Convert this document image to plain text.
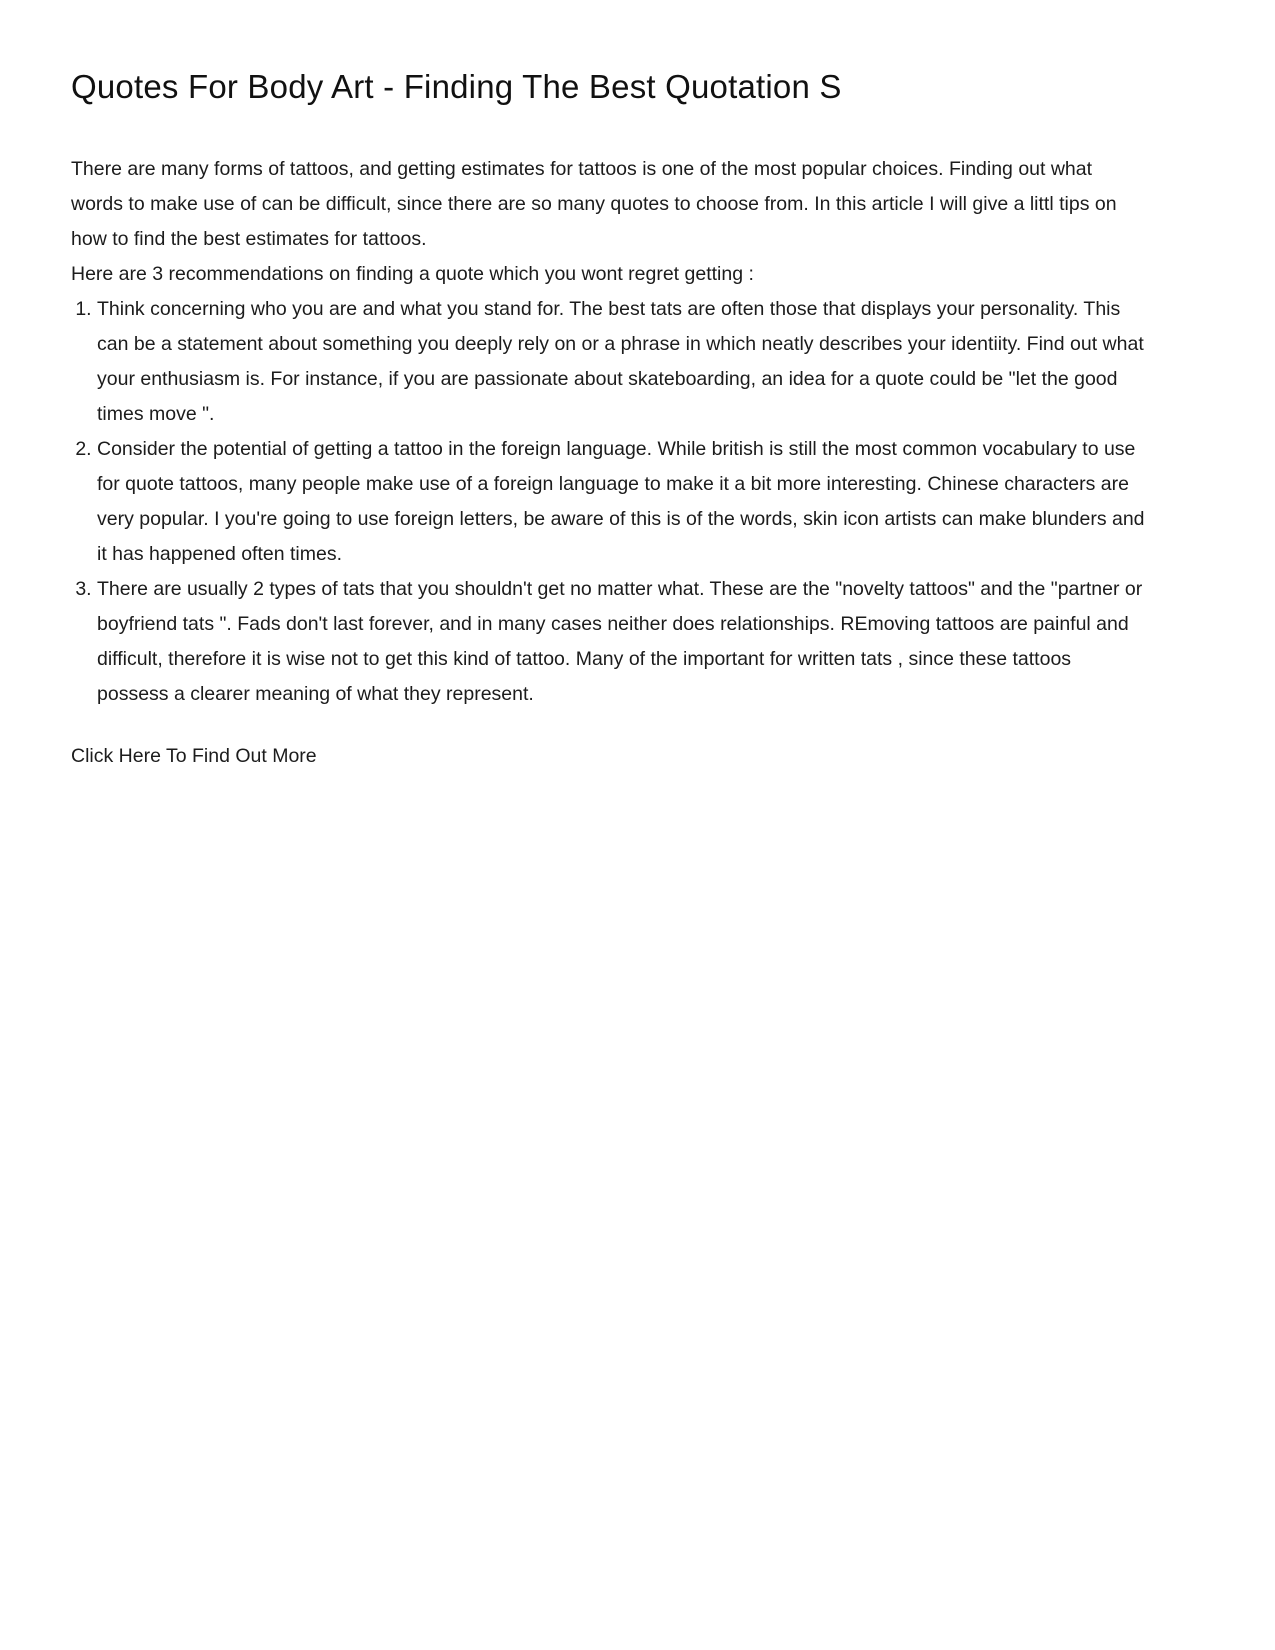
Quotes For Body Art - Finding The Best Quotation S

There are many forms of tattoos, and getting estimates for tattoos is one of the most popular choices. Finding out what words to make use of can be difficult, since there are so many quotes to choose from. In this article I will give a littl tips on how to find the best estimates for tattoos.

Here are 3 recommendations on finding a quote which you wont regret getting :

1. Think concerning who you are and what you stand for. The best tats are often those that displays your personality. This can be a statement about something you deeply rely on or a phrase in which neatly describes your identiity. Find out what your enthusiasm is. For instance, if you are passionate about skateboarding, an idea for a quote could be "let the good times move ".
2. Consider the potential of getting a tattoo in the foreign language. While british is still the most common vocabulary to use for quote tattoos, many people make use of a foreign language to make it a bit more interesting. Chinese characters are very popular. I you're going to use foreign letters, be aware of this is of the words, skin icon artists can make blunders and it has happened often times.
3. There are usually 2 types of tats that you shouldn't get no matter what. These are the "novelty tattoos" and the "partner or boyfriend tats ". Fads don't last forever, and in many cases neither does relationships. REmoving tattoos are painful and difficult, therefore it is wise not to get this kind of tattoo. Many of the important for written tats , since these tattoos possess a clearer meaning of what they represent.
Click Here To Find Out More
